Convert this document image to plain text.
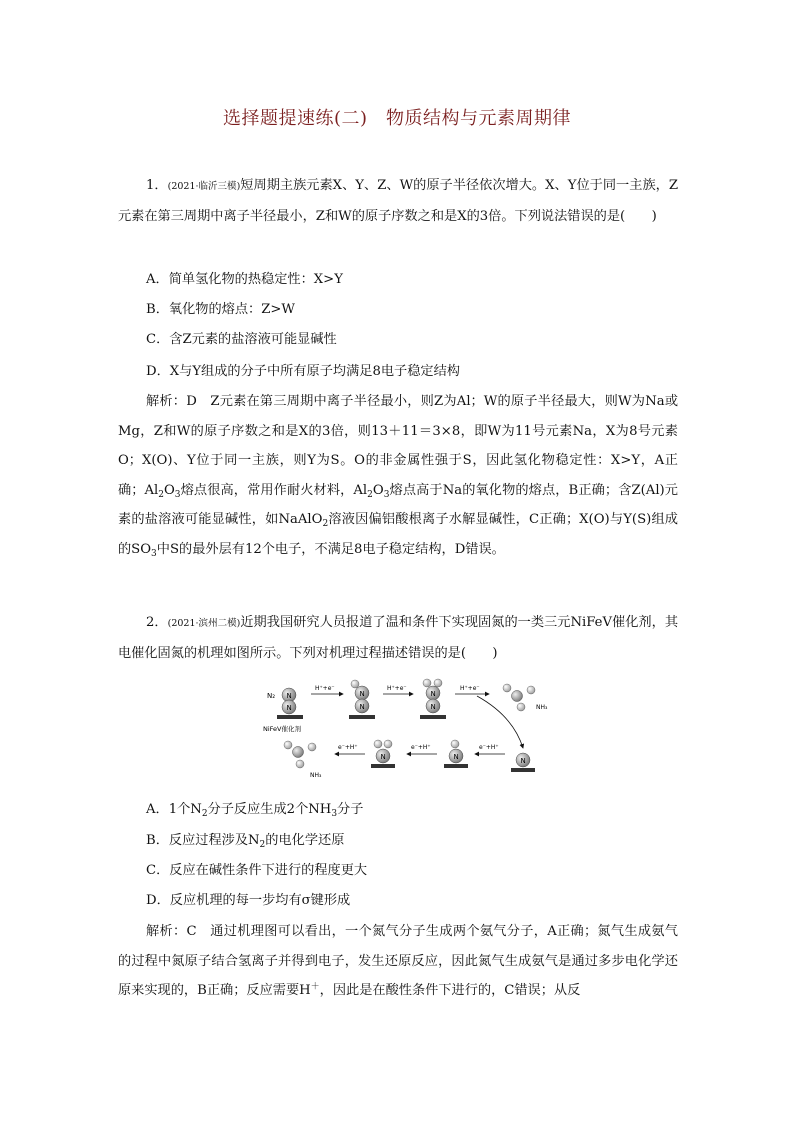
选择题提速练(二)　物质结构与元素周期律
1．(2021·临沂三模)短周期主族元素X、Y、Z、W的原子半径依次增大。X、Y位于同一主族，Z元素在第三周期中离子半径最小，Z和W的原子序数之和是X的3倍。下列说法错误的是(　　)
A．简单氢化物的热稳定性：X>Y
B．氧化物的熔点：Z>W
C．含Z元素的盐溶液可能显碱性
D．X与Y组成的分子中所有原子均满足8电子稳定结构
解析：D　Z元素在第三周期中离子半径最小，则Z为Al；W的原子半径最大，则W为Na或Mg，Z和W的原子序数之和是X的3倍，则13＋11＝3×8，即W为11号元素Na，X为8号元素O；X(O)、Y位于同一主族，则Y为S。O的非金属性强于S，因此氢化物稳定性：X>Y，A正确；$Al_2O_3$熔点很高，常用作耐火材料，$Al_2O_3$熔点高于Na的氧化物的熔点，B正确；含Z(Al)元素的盐溶液可能显碱性，如NaAlO$_2$溶液因偏铝酸根离子水解显碱性，C正确；X(O)与Y(S)组成的$SO_3$中S的最外层有12个电子，不满足8电子稳定结构，D错误。
2．(2021·滨州二模)近期我国研究人员报道了温和条件下实现固氮的一类三元NiFeV催化剂，其电催化固氮的机理如图所示。下列对机理过程描述错误的是(　　)
N₂ N
N
NiFeV催化剂
H⁺+e⁻
N
N
H⁺+e⁻
N
N
H⁺+e⁻
NH₃
N
e⁻+H⁺
N
e⁻+H⁺
N
e⁻+H⁺
NH₃
A．1个$N_2$分子反应生成2个$NH_3$分子
B．反应过程涉及$N_2$的电化学还原
C．反应在碱性条件下进行的程度更大
D．反应机理的每一步均有σ键形成
解析：C　通过机理图可以看出，一个氮气分子生成两个氨气分子，A正确；氮气生成氨气的过程中氮原子结合氢离子并得到电子，发生还原反应，因此氮气生成氨气是通过多步电化学还原来实现的，B正确；反应需要H＋，因此是在酸性条件下进行的，C错误；从反
